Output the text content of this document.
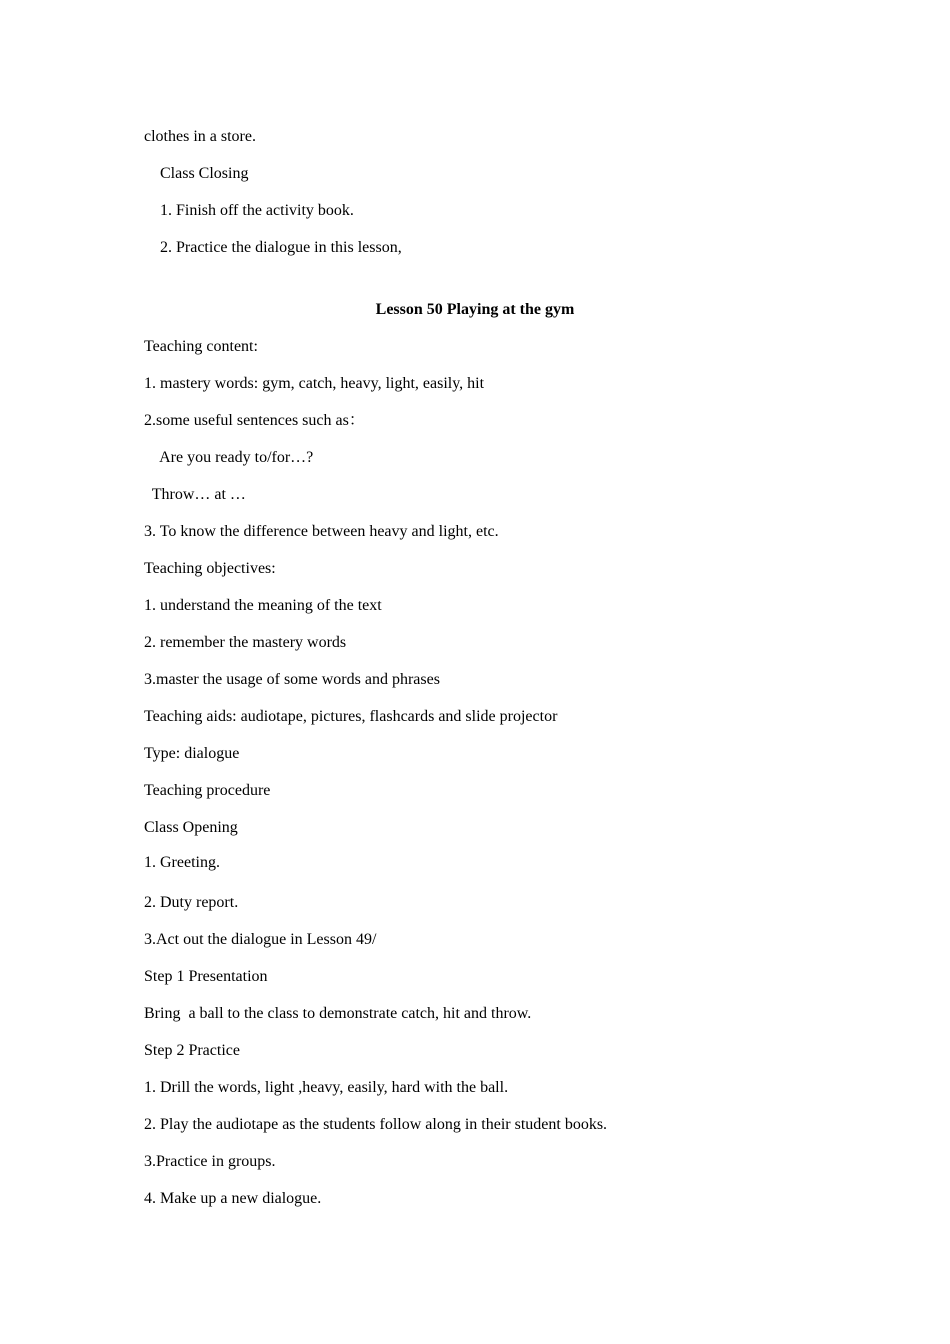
clothes in a store.
Class Closing
1. Finish off the activity book.
2. Practice the dialogue in this lesson,
Lesson 50 Playing at the gym
Teaching content:
1. mastery words: gym, catch, heavy, light, easily, hit
2.some useful sentences such as：
Are you ready to/for…?
Throw… at …
3. To know the difference between heavy and light, etc.
Teaching objectives:
1. understand the meaning of the text
2. remember the mastery words
3.master the usage of some words and phrases
Teaching aids: audiotape, pictures, flashcards and slide projector
Type: dialogue
Teaching procedure
Class Opening
1. Greeting.
2. Duty report.
3.Act out the dialogue in Lesson 49/
Step 1 Presentation
Bring  a ball to the class to demonstrate catch, hit and throw.
Step 2 Practice
1. Drill the words, light ,heavy, easily, hard with the ball.
2. Play the audiotape as the students follow along in their student books.
3.Practice in groups.
4. Make up a new dialogue.
